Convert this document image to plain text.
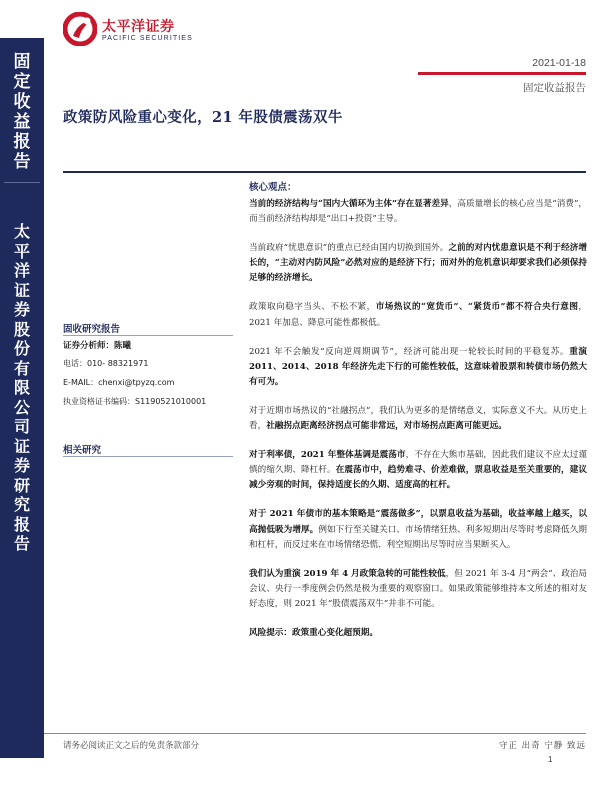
固
定
收
益
报
告
太
平
洋
证
券
股
份
有
限
公
司
证
券
研
究
报
告
太平洋证券
PACIFIC SECURITIES
2021-01-18
固定收益报告
政策防风险重心变化，21 年股债震荡双牛
固收研究报告
证券分析师：陈曦
电话：010- 88321971
E-MAIL：chenxi@tpyzq.com
执业资格证书编码：S1190521010001
相关研究
核心观点：

当前的经济结构与“国内大循环为主体”存在显著差异，高质量增长的核心应当是“消费”，而当前经济结构却是“出口+投资”主导。

当前政府“忧患意识”的重点已经由国内切换到国外。之前的对内忧患意识是不利于经济增长的，“主动对内防风险”必然对应的是经济下行；而对外的危机意识却要求我们必须保持足够的经济增长。

政策取向稳字当头、不松不紧，市场热议的“宽货币”、“紧货币”都不符合央行意图，2021 年加息、降息可能性都极低。

2021 年不会触发“反向逆周期调节”，经济可能出现一轮较长时间的平稳复苏。重演 2011、2014、2018 年经济先走下行的可能性较低，这意味着股票和转债市场仍然大有可为。

对于近期市场热议的“社融拐点”，我们认为更多的是情绪意义，实际意义不大。从历史上看，社融拐点距离经济拐点可能非常远，对市场拐点距离可能更远。

对于利率债，2021 年整体基调是震荡市，不存在大熊市基础，因此我们建议不应太过谨慎的缩久期、降杠杆。在震荡市中，趋势难寻、价差难做，票息收益是至关重要的，建议减少旁观的时间，保持适度长的久期、适度高的杠杆。

对于 2021 年债市的基本策略是“震荡做多”，以票息收益为基础，收益率越上越买，以高抛低吸为增厚。例如下行至关键关口、市场情绪狂热、利多短期出尽等时考虑降低久期和杠杆，而反过来在市场情绪恐慌、利空短期出尽等时应当果断买入。

我们认为重演 2019 年 4 月政策急转的可能性较低，但 2021 年 3-4 月“两会”、政治局会议、央行一季度例会仍然是极为重要的观察窗口。如果政策能够维持本文所述的相对友好态度，则 2021 年“股债震荡双牛”并非不可能。

风险提示：政策重心变化超预期。

请务必阅读正文之后的免责条款部分	守正 出奇 宁静 致远
1
